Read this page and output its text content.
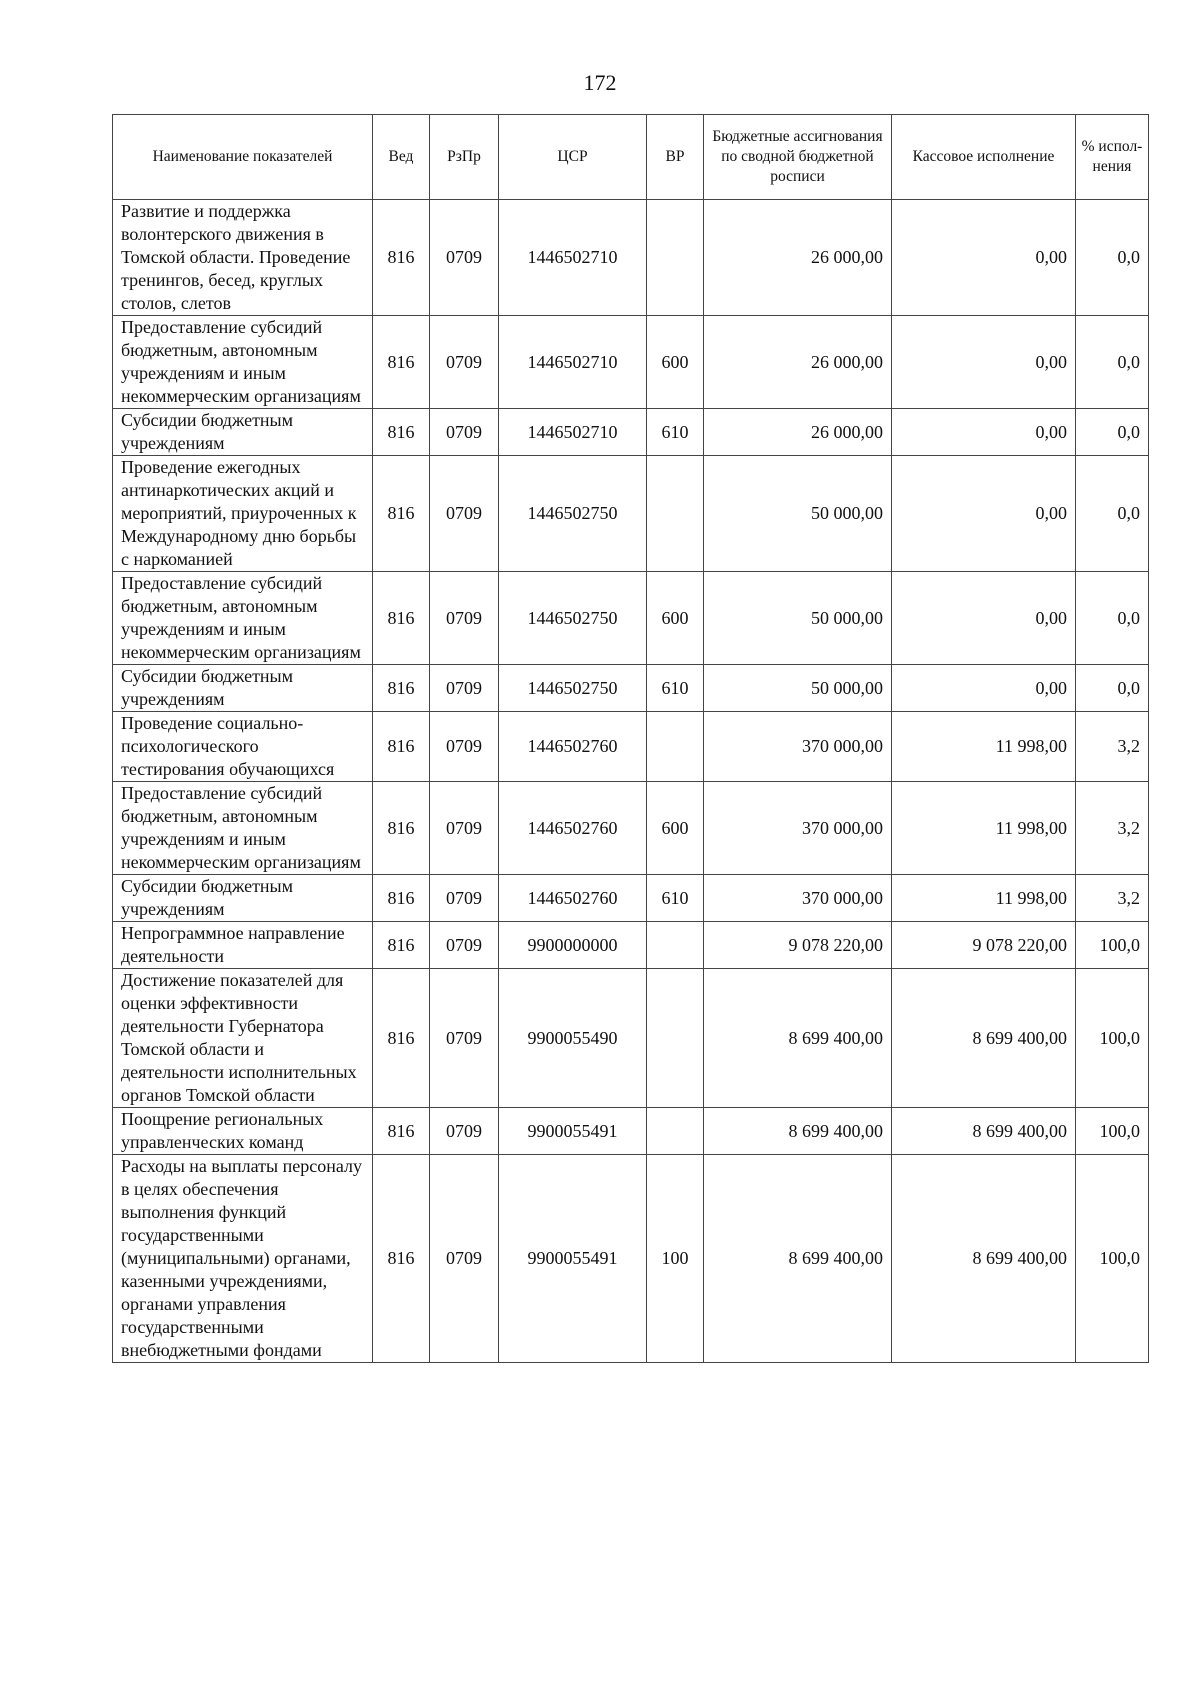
172
Наименование показателей	Вед	РзПр	ЦСР	ВР	Бюджетные ассигнования по сводной бюджетной росписи	Кассовое исполнение	% испол-нения
Развитие и поддержка волонтерского движения в Томской области. Проведение тренингов, бесед, круглых столов, слетов	816	0709	1446502710		26 000,00	0,00	0,0
Предоставление субсидий бюджетным, автономным учреждениям и иным некоммерческим организациям	816	0709	1446502710	600	26 000,00	0,00	0,0
Субсидии бюджетным учреждениям	816	0709	1446502710	610	26 000,00	0,00	0,0
Проведение ежегодных антинаркотических акций и мероприятий, приуроченных к Международному дню борьбы с наркоманией	816	0709	1446502750		50 000,00	0,00	0,0
Предоставление субсидий бюджетным, автономным учреждениям и иным некоммерческим организациям	816	0709	1446502750	600	50 000,00	0,00	0,0
Субсидии бюджетным учреждениям	816	0709	1446502750	610	50 000,00	0,00	0,0
Проведение социально-психологического тестирования обучающихся	816	0709	1446502760		370 000,00	11 998,00	3,2
Предоставление субсидий бюджетным, автономным учреждениям и иным некоммерческим организациям	816	0709	1446502760	600	370 000,00	11 998,00	3,2
Субсидии бюджетным учреждениям	816	0709	1446502760	610	370 000,00	11 998,00	3,2
Непрограммное направление деятельности	816	0709	9900000000		9 078 220,00	9 078 220,00	100,0
Достижение показателей для оценки эффективности деятельности Губернатора Томской области и деятельности исполнительных органов Томской области	816	0709	9900055490		8 699 400,00	8 699 400,00	100,0
Поощрение региональных управленческих команд	816	0709	9900055491		8 699 400,00	8 699 400,00	100,0
Расходы на выплаты персоналу в целях обеспечения выполнения функций государственными (муниципальными) органами, казенными учреждениями, органами управления государственными внебюджетными фондами	816	0709	9900055491	100	8 699 400,00	8 699 400,00	100,0
